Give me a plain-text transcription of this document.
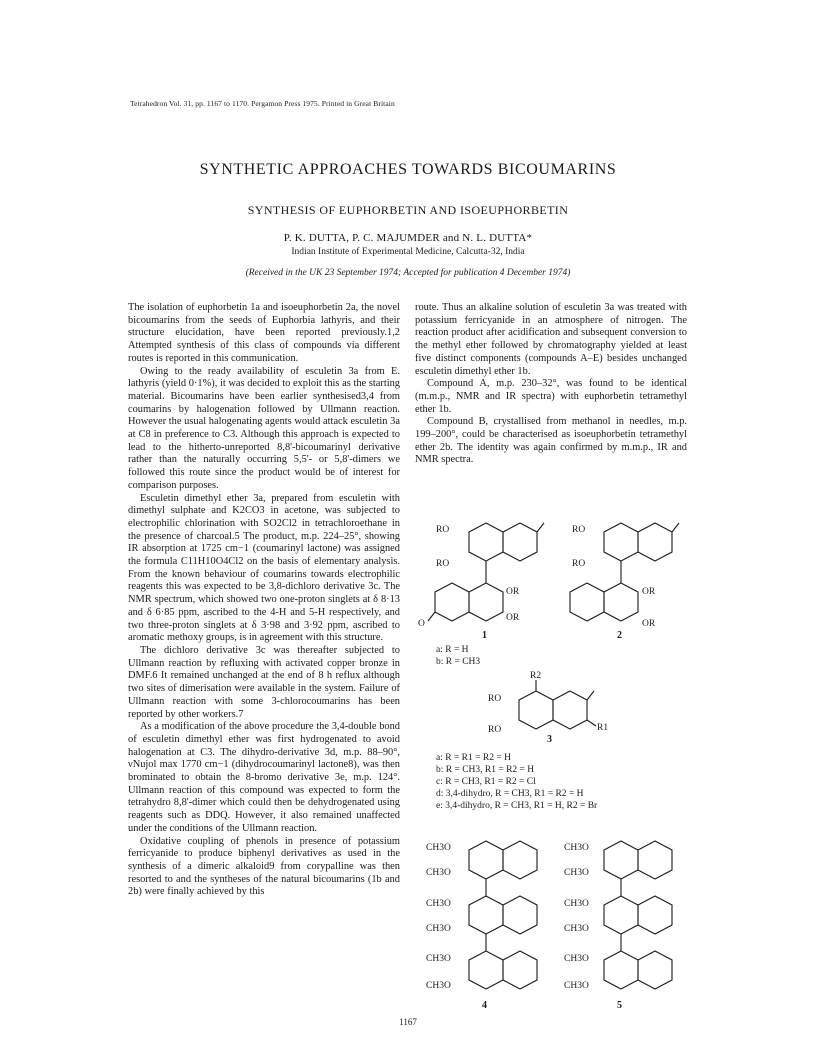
Tetrahedron Vol. 31, pp. 1167 to 1170. Pergamon Press 1975. Printed in Great Britain
SYNTHETIC APPROACHES TOWARDS BICOUMARINS
SYNTHESIS OF EUPHORBETIN AND ISOEUPHORBETIN
P. K. DUTTA, P. C. MAJUMDER and N. L. DUTTA*
Indian Institute of Experimental Medicine, Calcutta-32, India
(Received in the UK 23 September 1974; Accepted for publication 4 December 1974)

The isolation of euphorbetin 1a and isoeuphorbetin 2a, the novel bicoumarins from the seeds of Euphorbia lathyris, and their structure elucidation, have been reported previously.1,2 Attempted synthesis of this class of compounds via different routes is reported in this communication.

Owing to the ready availability of esculetin 3a from E. lathyris (yield 0·1%), it was decided to exploit this as the starting material. Bicoumarins have been earlier synthesised3,4 from coumarins by halogenation followed by Ullmann reaction. However the usual halogenating agents would attack esculetin 3a at C8 in preference to C3. Although this approach is expected to lead to the hitherto-unreported 8,8'-bicoumarinyl derivative rather than the naturally occurring 5,5'- or 5,8'-dimers we followed this route since the product would be of interest for comparison purposes.

Esculetin dimethyl ether 3a, prepared from esculetin with dimethyl sulphate and K2CO3 in acetone, was subjected to electrophilic chlorination with SO2Cl2 in tetrachloroethane in the presence of charcoal.5 The product, m.p. 224–25°, showing IR absorption at 1725 cm−1 (coumarinyl lactone) was assigned the formula C11H10O4Cl2 on the basis of elementary analysis. From the known behaviour of coumarins towards electrophilic reagents this was expected to be 3,8-dichloro derivative 3c. The NMR spectrum, which showed two one-proton singlets at δ 8·13 and δ 6·85 ppm, ascribed to the 4-H and 5-H respectively, and two three-proton singlets at δ 3·98 and 3·92 ppm, ascribed to aromatic methoxy groups, is in agreement with this structure.

The dichloro derivative 3c was thereafter subjected to Ullmann reaction by refluxing with activated copper bronze in DMF.6 It remained unchanged at the end of 8 h reflux although two sites of dimerisation were available in the system. Failure of Ullmann reaction with some 3-chlorocoumarins has been reported by other workers.7

As a modification of the above procedure the 3,4-double bond of esculetin dimethyl ether was first hydrogenated to avoid halogenation at C3. The dihydro-derivative 3d, m.p. 88–90°, νNujol max 1770 cm−1 (dihydrocoumarinyl lactone8), was then brominated to obtain the 8-bromo derivative 3e, m.p. 124°. Ullmann reaction of this compound was expected to form the tetrahydro 8,8'-dimer which could then be dehydrogenated using reagents such as DDQ. However, it also remained unaffected under the conditions of the Ullmann reaction.

Oxidative coupling of phenols in presence of potassium ferricyanide to produce biphenyl derivatives as used in the synthesis of a dimeric alkaloid9 from corypalline was then resorted to and the syntheses of the natural bicoumarins (1b and 2b) were finally achieved by this

route. Thus an alkaline solution of esculetin 3a was treated with potassium ferricyanide in an atmosphere of nitrogen. The reaction product after acidification and subsequent conversion to the methyl ether followed by chromatography yielded at least five distinct components (compounds A–E) besides unchanged esculetin dimethyl ether 1b.

Compound A, m.p. 230–32°, was found to be identical (m.m.p., NMR and IR spectra) with euphorbetin tetramethyl ether 1b.

Compound B, crystallised from methanol in needles, m.p. 199–200°, could be characterised as isoeuphorbetin tetramethyl ether 2b. The identity was again confirmed by m.m.p., IR and NMR spectra.

RO
RO
OR
OR
O
1
a: R = H
b: R = CH3
RO
RO
OR
OR
2
R2
RO
RO	R1
3
a: R = R1 = R2 = H
b: R = CH3, R1 = R2 = H
c: R = CH3, R1 = R2 = Cl
d: 3,4-dihydro, R = CH3, R1 = R2 = H
e: 3,4-dihydro, R = CH3, R1 = H, R2 = Br
CH3O
CH3O
CH3O
CH3O
CH3O
CH3O
4
CH3O
CH3O
CH3O
CH3O
CH3O
CH3O
5
1167
